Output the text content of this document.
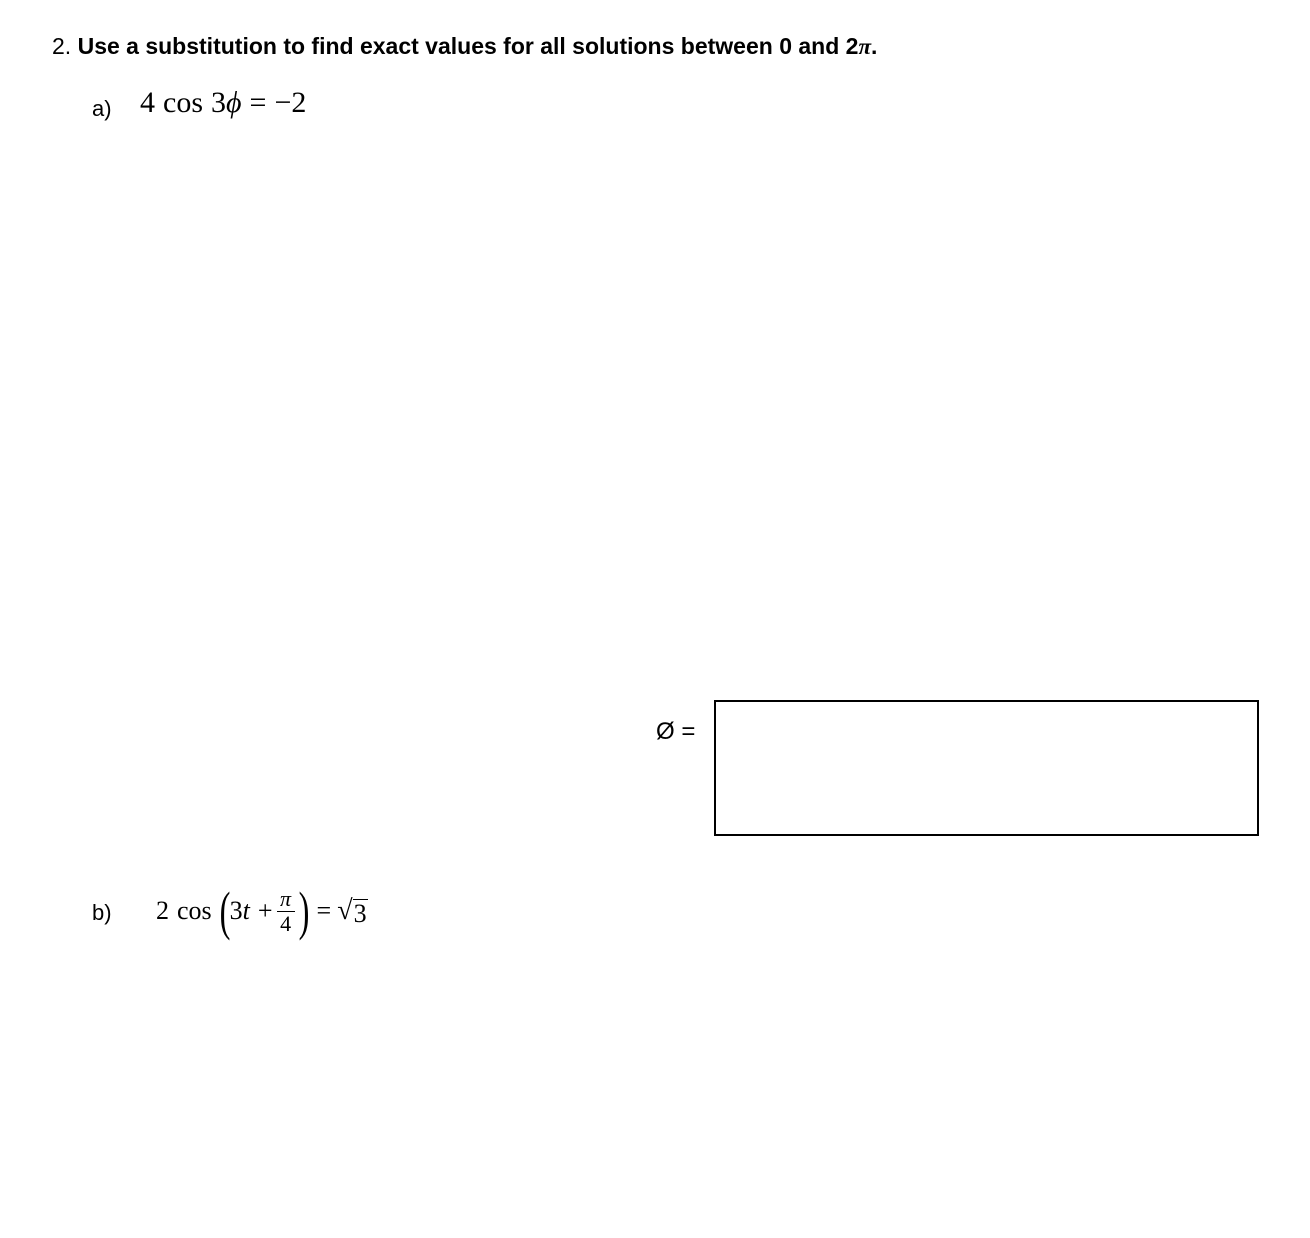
2. Use a substitution to find exact values for all solutions between 0 and 2π.
a) 4 cos 3ϕ = −2
Ø =
b) 2 cos ( 3 $t + \frac{\pi}{4}$ ) = √ 3
